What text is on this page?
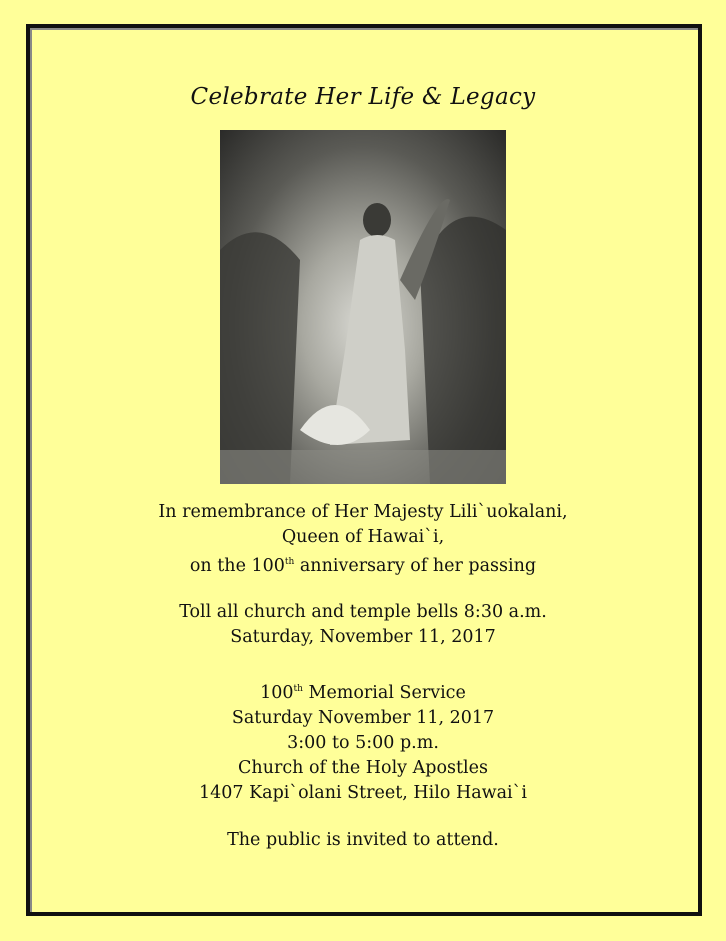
Celebrate Her Life & Legacy
In remembrance of Her Majesty Lili`uokalani,
Queen of Hawai`i,
on the 100th anniversary of her passing
Toll all church and temple bells 8:30 a.m.
Saturday, November 11, 2017
100th Memorial Service
Saturday November 11, 2017
3:00 to 5:00 p.m.
Church of the Holy Apostles
1407 Kapi`olani Street, Hilo Hawai`i
The public is invited to attend.
